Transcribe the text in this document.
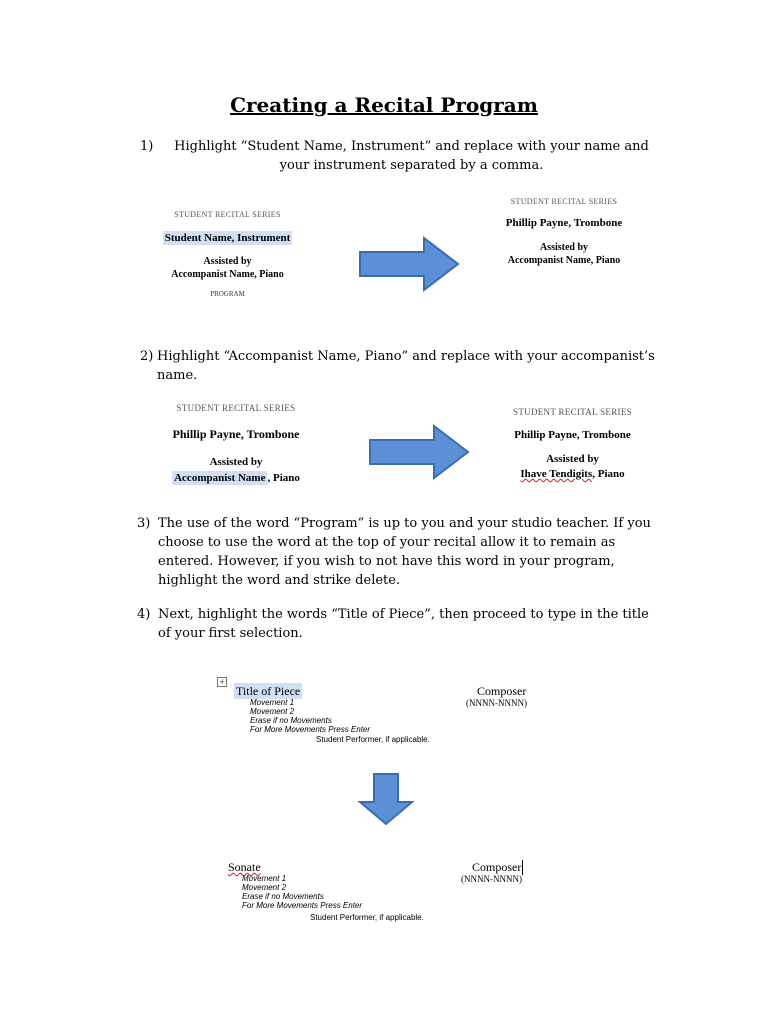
Creating a Recital Program
1)	Highlight “Student Name, Instrument” and replace with your name and your instrument separated by a comma.
STUDENT RECITAL SERIES
Student Name, Instrument
Assisted by
Accompanist Name, Piano
PROGRAM
STUDENT RECITAL SERIES
Phillip Payne, Trombone
Assisted by
Accompanist Name, Piano
2) Highlight “Accompanist Name, Piano” and replace with your accompanist’s name.
STUDENT RECITAL SERIES
Phillip Payne, Trombone
Assisted by
Accompanist Name , Piano
STUDENT RECITAL SERIES
Phillip Payne, Trombone
Assisted by
Ihave Tendigits, Piano
3) The use of the word “Program” is up to you and your studio teacher. If you choose to use the word at the top of your recital allow it to remain as entered. However, if you wish to not have this word in your program, highlight the word and strike delete.
4) Next, highlight the words “Title of Piece”, then proceed to type in the title of your first selection.
+
Title of Piece
Movement 1
Movement 2
Erase if no Movements
For More Movements Press Enter
Student Performer, if applicable.
Composer
(NNNN-NNNN)
Sonate
Movement 1
Movement 2
Erase if no Movements
For More Movements Press Enter
Student Performer, if applicable.
Composer
(NNNN-NNNN)
